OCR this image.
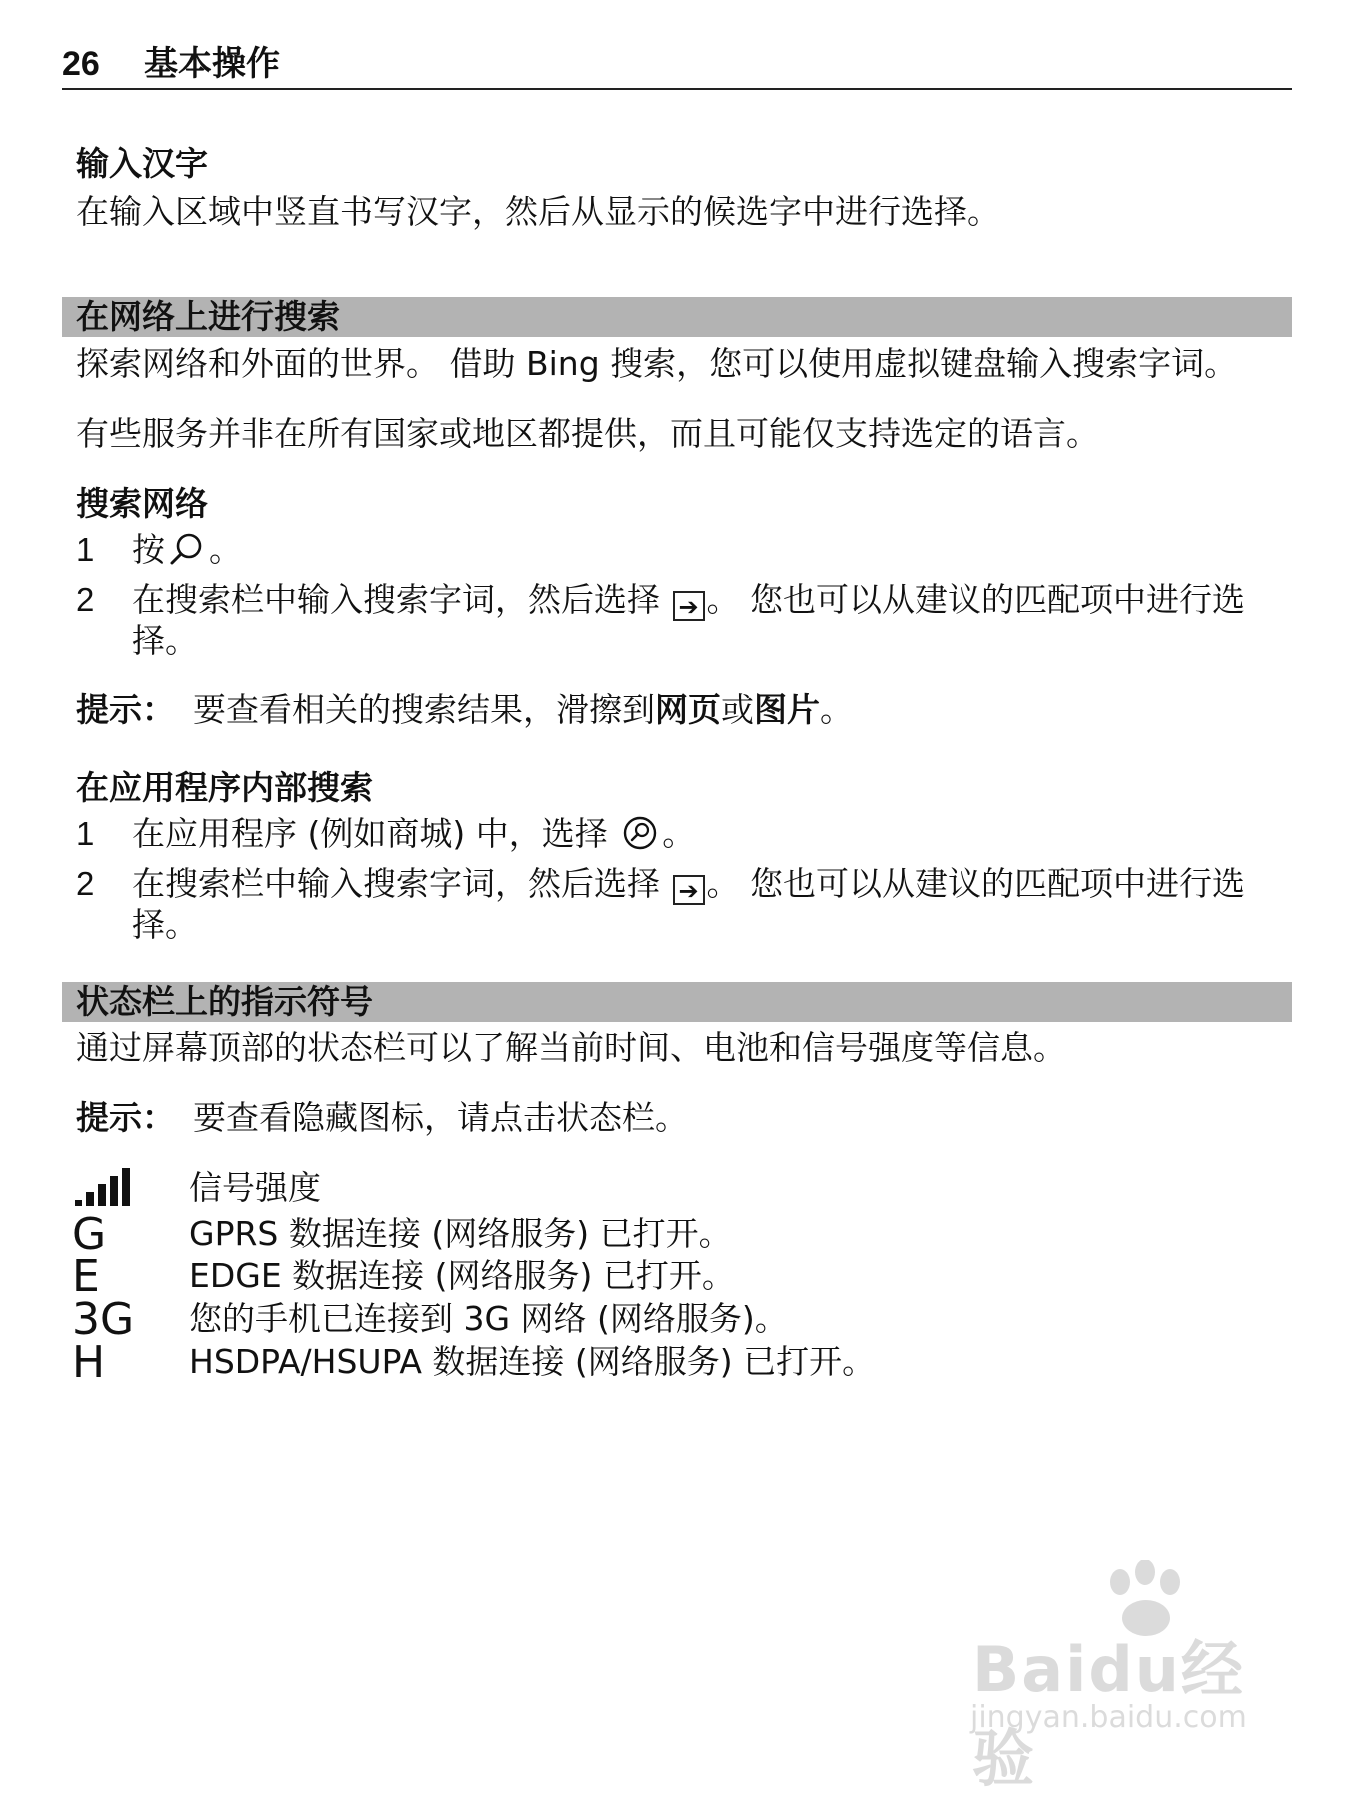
26	基本操作
输入汉字
在输入区域中竖直书写汉字，然后从显示的候选字中进行选择。
在网络上进行搜索
探索网络和外面的世界。 借助 Bing 搜索，您可以使用虚拟键盘输入搜索字词。
有些服务并非在所有国家或地区都提供，而且可能仅支持选定的语言。
搜索网络
1 按 。
2 在搜索栏中输入搜索字词，然后选择 ➔ 。 您也可以从建议的匹配项中进行选择。
提示： 要查看相关的搜索结果，滑擦到网页或图片。
在应用程序内部搜索
1 在应用程序 (例如商城) 中，选择 。
2 在搜索栏中输入搜索字词，然后选择 ➔ 。 您也可以从建议的匹配项中进行选择。
状态栏上的指示符号
通过屏幕顶部的状态栏可以了解当前时间、电池和信号强度等信息。
提示： 要查看隐藏图标，请点击状态栏。
信号强度
G	GPRS 数据连接 (网络服务) 已打开。
E	EDGE 数据连接 (网络服务) 已打开。
3G	您的手机已连接到 3G 网络 (网络服务)。
H	HSDPA/HSUPA 数据连接 (网络服务) 已打开。
Baidu经验
jingyan.baidu.com
